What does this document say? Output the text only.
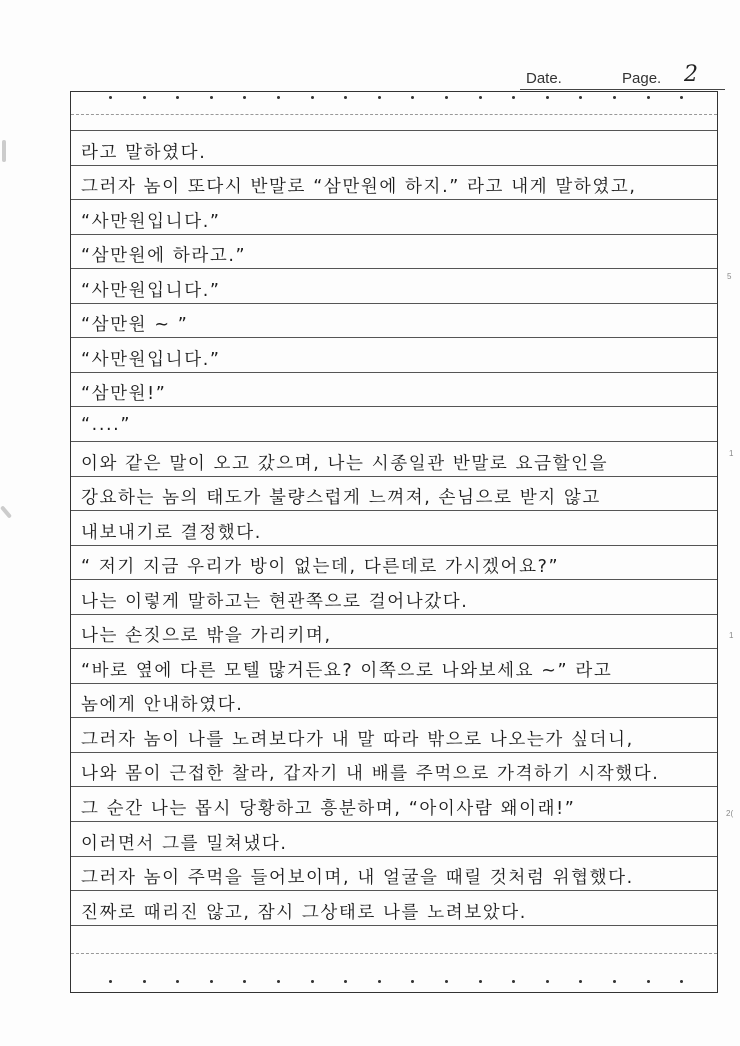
Date.	Page. 2
라고 말하였다.
그러자 놈이 또다시 반말로 “삼만원에 하지.” 라고 내게 말하였고,
“사만원입니다.”
“삼만원에 하라고.”
“사만원입니다.”
“삼만원 ~ ”
“사만원입니다.”
“삼만원!”
“....”
이와 같은 말이 오고 갔으며, 나는 시종일관 반말로 요금할인을
강요하는 놈의 태도가 불량스럽게 느껴져, 손님으로 받지 않고
내보내기로 결정했다.
“ 저기 지금 우리가 방이 없는데, 다른데로 가시겠어요?”
나는 이렇게 말하고는 현관쪽으로 걸어나갔다.
나는 손짓으로 밖을 가리키며,
“바로 옆에 다른 모텔 많거든요? 이쪽으로 나와보세요 ~” 라고
놈에게 안내하였다.
그러자 놈이 나를 노려보다가 내 말 따라 밖으로 나오는가 싶더니,
나와 몸이 근접한 찰라, 갑자기 내 배를 주먹으로 가격하기 시작했다.
그 순간 나는 몹시 당황하고 흥분하며, “아이사람 왜이래!”
이러면서 그를 밀쳐냈다.
그러자 놈이 주먹을 들어보이며, 내 얼굴을 때릴 것처럼 위협했다.
진짜로 때리진 않고, 잠시 그상태로 나를 노려보았다.
5
1
1
2(
